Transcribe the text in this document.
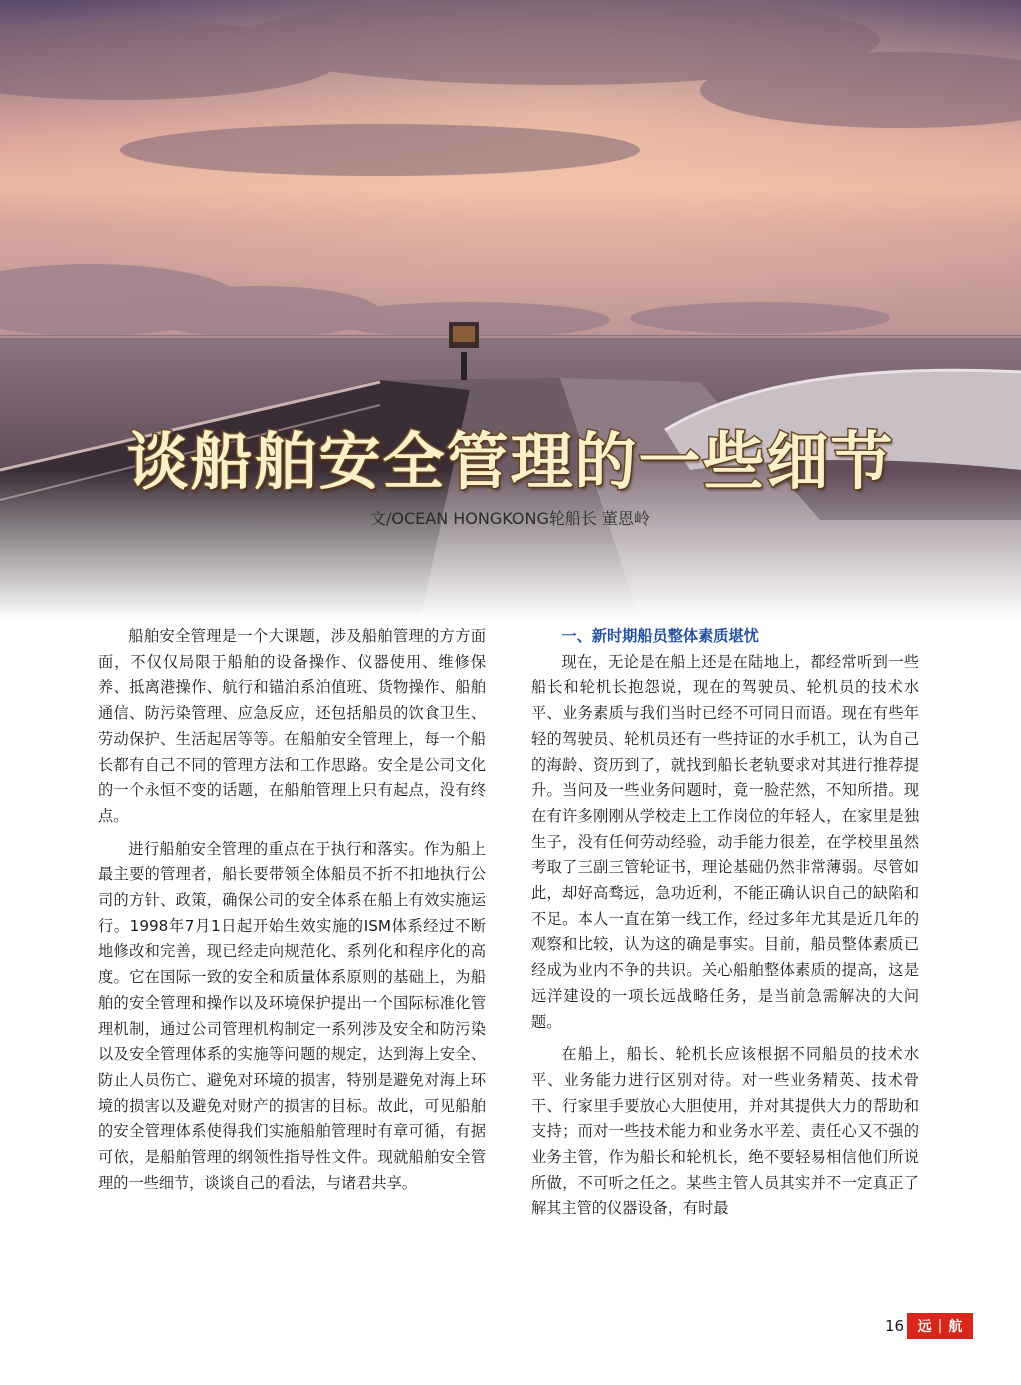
谈船舶安全管理的一些细节
文/OCEAN HONGKONG轮船长 董恩岭

船舶安全管理是一个大课题，涉及船舶管理的方方面面，不仅仅局限于船舶的设备操作、仪器使用、维修保养、抵离港操作、航行和锚泊系泊值班、货物操作、船舶通信、防污染管理、应急反应，还包括船员的饮食卫生、劳动保护、生活起居等等。在船舶安全管理上，每一个船长都有自己不同的管理方法和工作思路。安全是公司文化的一个永恒不变的话题，在船舶管理上只有起点，没有终点。

进行船舶安全管理的重点在于执行和落实。作为船上最主要的管理者，船长要带领全体船员不折不扣地执行公司的方针、政策，确保公司的安全体系在船上有效实施运行。1998年7月1日起开始生效实施的ISM体系经过不断地修改和完善，现已经走向规范化、系列化和程序化的高度。它在国际一致的安全和质量体系原则的基础上，为船舶的安全管理和操作以及环境保护提出一个国际标准化管理机制，通过公司管理机构制定一系列涉及安全和防污染以及安全管理体系的实施等问题的规定，达到海上安全、防止人员伤亡、避免对环境的损害，特别是避免对海上环境的损害以及避免对财产的损害的目标。故此，可见船舶的安全管理体系使得我们实施船舶管理时有章可循，有据可依，是船舶管理的纲领性指导性文件。现就船舶安全管理的一些细节，谈谈自己的看法，与诸君共享。

一、新时期船员整体素质堪忧

现在，无论是在船上还是在陆地上，都经常听到一些船长和轮机长抱怨说，现在的驾驶员、轮机员的技术水平、业务素质与我们当时已经不可同日而语。现在有些年轻的驾驶员、轮机员还有一些持证的水手机工，认为自己的海龄、资历到了，就找到船长老轨要求对其进行推荐提升。当问及一些业务问题时，竟一脸茫然，不知所措。现在有许多刚刚从学校走上工作岗位的年轻人，在家里是独生子，没有任何劳动经验，动手能力很差，在学校里虽然考取了三副三管轮证书，理论基础仍然非常薄弱。尽管如此，却好高骛远，急功近利，不能正确认识自己的缺陷和不足。本人一直在第一线工作，经过多年尤其是近几年的观察和比较，认为这的确是事实。目前，船员整体素质已经成为业内不争的共识。关心船舶整体素质的提高，这是远洋建设的一项长远战略任务，是当前急需解决的大问题。

在船上，船长、轮机长应该根据不同船员的技术水平、业务能力进行区别对待。对一些业务精英、技术骨干、行家里手要放心大胆使用，并对其提供大力的帮助和支持；而对一些技术能力和业务水平差、责任心又不强的业务主管，作为船长和轮机长，绝不要轻易相信他们所说所做，不可听之任之。某些主管人员其实并不一定真正了解其主管的仪器设备，有时最

16 远 | 航
